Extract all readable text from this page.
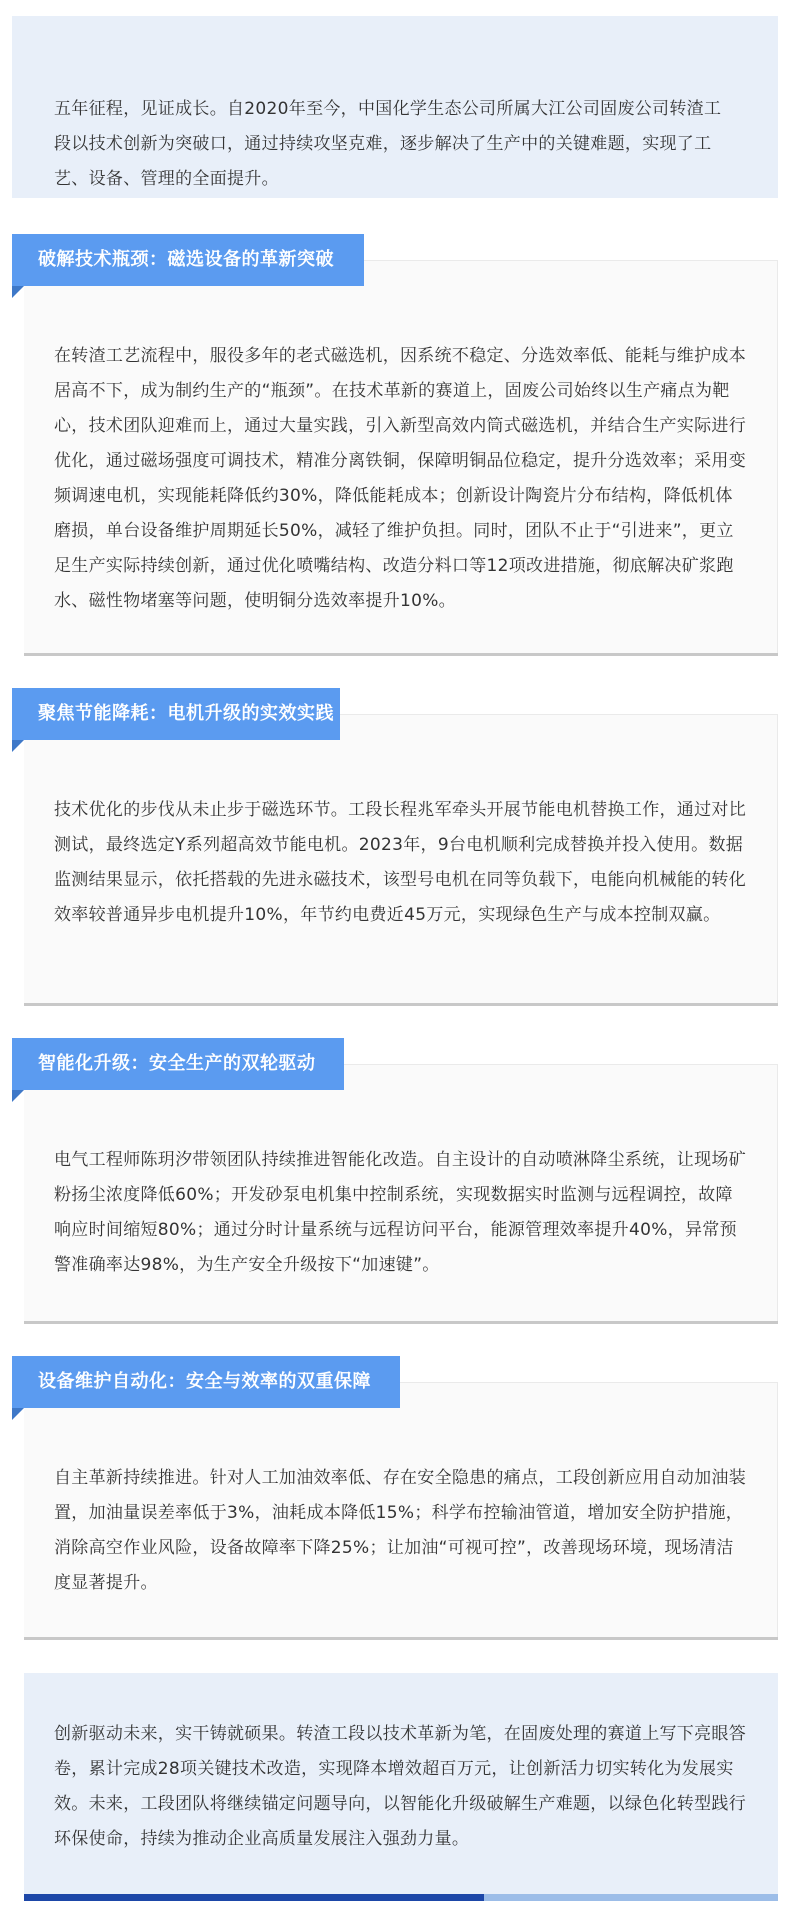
五年征程，见证成长。自2020年至今，中国化学生态公司所属大江公司固废公司转渣工段以技术创新为突破口，通过持续攻坚克难，逐步解决了生产中的关键难题，实现了工艺、设备、管理的全面提升。
破解技术瓶颈：磁选设备的革新突破
在转渣工艺流程中，服役多年的老式磁选机，因系统不稳定、分选效率低、能耗与维护成本居高不下，成为制约生产的“瓶颈”。在技术革新的赛道上，固废公司始终以生产痛点为靶心，技术团队迎难而上，通过大量实践，引入新型高效内筒式磁选机，并结合生产实际进行优化，通过磁场强度可调技术，精准分离铁铜，保障明铜品位稳定，提升分选效率；采用变频调速电机，实现能耗降低约30%，降低能耗成本；创新设计陶瓷片分布结构，降低机体磨损，单台设备维护周期延长50%，减轻了维护负担。同时，团队不止于“引进来”，更立足生产实际持续创新，通过优化喷嘴结构、改造分料口等12项改进措施，彻底解决矿浆跑水、磁性物堵塞等问题，使明铜分选效率提升10%。
聚焦节能降耗：电机升级的实效实践
技术优化的步伐从未止步于磁选环节。工段长程兆军牵头开展节能电机替换工作，通过对比测试，最终选定Y系列超高效节能电机。2023年，9台电机顺利完成替换并投入使用。数据监测结果显示，依托搭载的先进永磁技术，该型号电机在同等负载下，电能向机械能的转化效率较普通异步电机提升10%，年节约电费近45万元，实现绿色生产与成本控制双赢。
智能化升级：安全生产的双轮驱动
电气工程师陈玥汐带领团队持续推进智能化改造。自主设计的自动喷淋降尘系统，让现场矿粉扬尘浓度降低60%；开发砂泵电机集中控制系统，实现数据实时监测与远程调控，故障响应时间缩短80%；通过分时计量系统与远程访问平台，能源管理效率提升40%，异常预警准确率达98%，为生产安全升级按下“加速键”。
设备维护自动化：安全与效率的双重保障
自主革新持续推进。针对人工加油效率低、存在安全隐患的痛点，工段创新应用自动加油装置，加油量误差率低于3%，油耗成本降低15%；科学布控输油管道，增加安全防护措施，消除高空作业风险，设备故障率下降25%；让加油“可视可控”，改善现场环境，现场清洁度显著提升。
创新驱动未来，实干铸就硕果。转渣工段以技术革新为笔，在固废处理的赛道上写下亮眼答卷，累计完成28项关键技术改造，实现降本增效超百万元，让创新活力切实转化为发展实效。未来，工段团队将继续锚定问题导向，以智能化升级破解生产难题，以绿色化转型践行环保使命，持续为推动企业高质量发展注入强劲力量。
